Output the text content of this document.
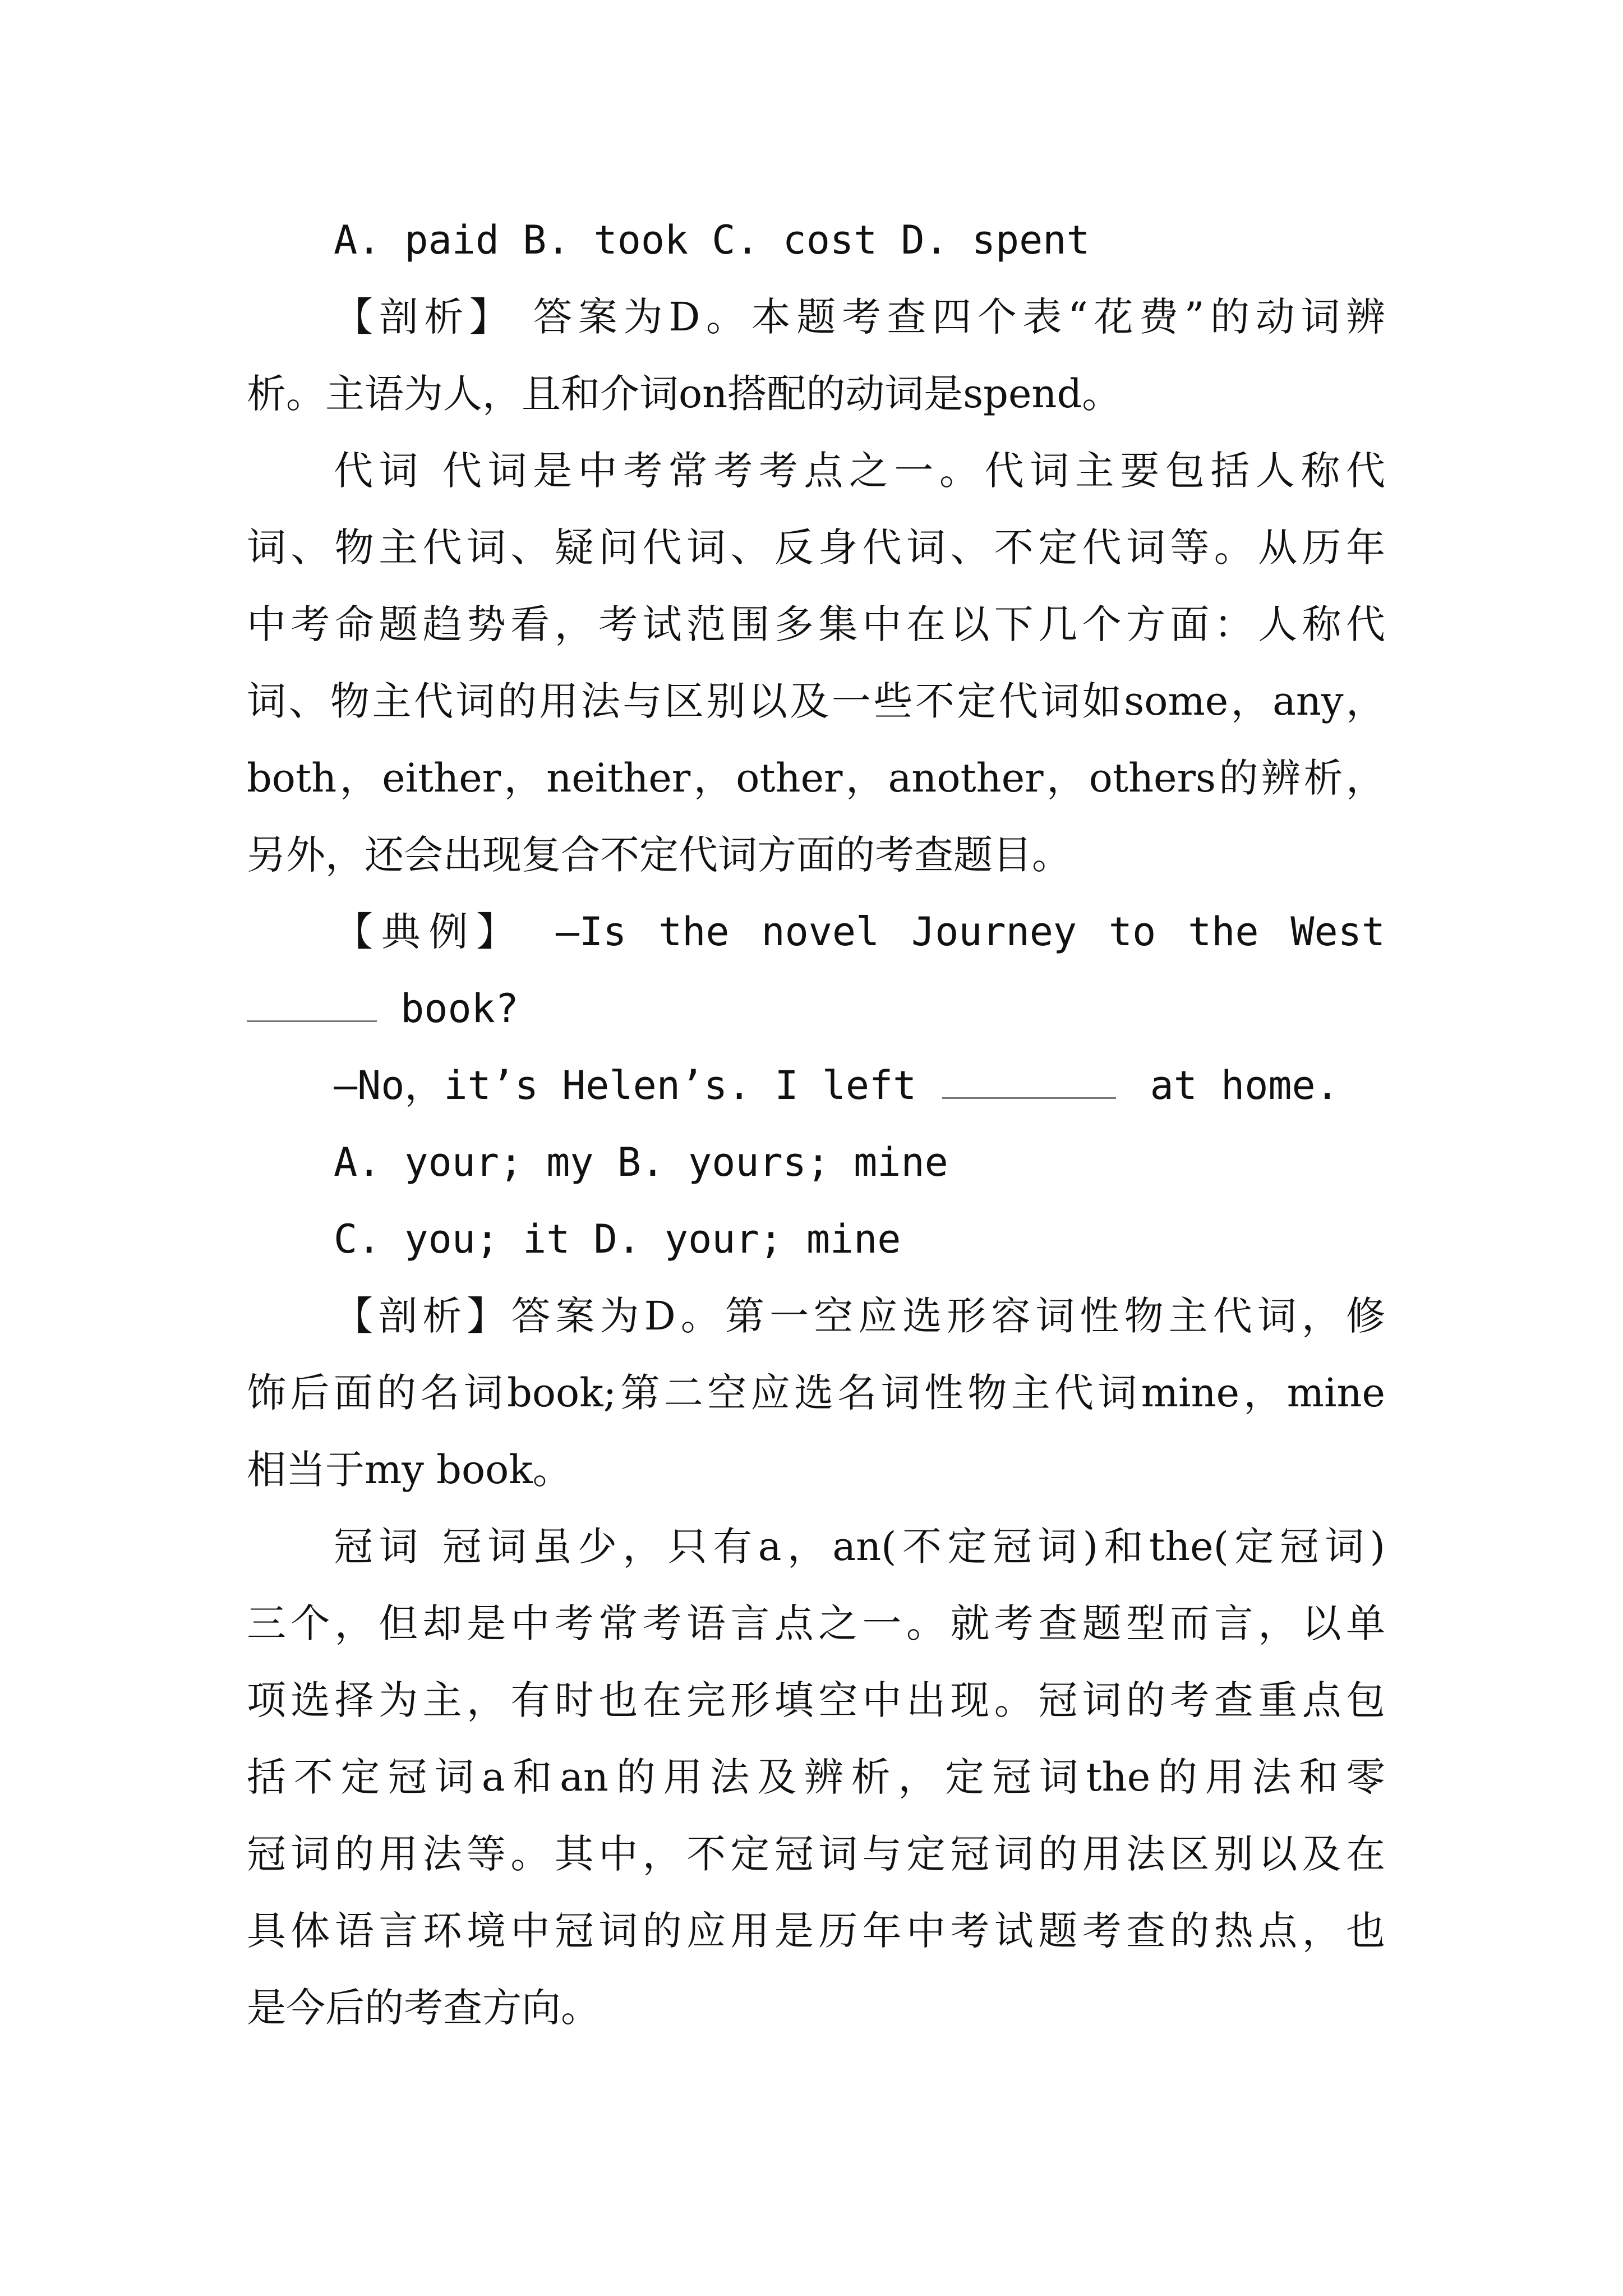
A. paid B. took C. cost D. spent
【剖析】 答案为D。本题考查四个表“花费”的动词辨
析。主语为人，且和介词on搭配的动词是spend。
代词 代词是中考常考考点之一。代词主要包括人称代
词、物主代词、疑问代词、反身代词、不定代词等。从历年
中考命题趋势看，考试范围多集中在以下几个方面：人称代
词、物主代词的用法与区别以及一些不定代词如some，any，
both，either，neither，other，another，others的辨析，
另外，还会出现复合不定代词方面的考查题目。
【典例】 —Is the novel Journey to the West
book?
—No，it’s Helen’s. I left	at home.
A. your; my B. yours; mine
C. you; it D. your; mine
【剖析】答案为D。第一空应选形容词性物主代词，修
饰后面的名词book;第二空应选名词性物主代词mine，mine
相当于my book。
冠词 冠词虽少，只有a，an(不定冠词)和the(定冠词)
三个，但却是中考常考语言点之一。就考查题型而言，以单
项选择为主，有时也在完形填空中出现。冠词的考查重点包
括不定冠词a和an的用法及辨析，定冠词the的用法和零
冠词的用法等。其中，不定冠词与定冠词的用法区别以及在
具体语言环境中冠词的应用是历年中考试题考查的热点，也
是今后的考查方向。
